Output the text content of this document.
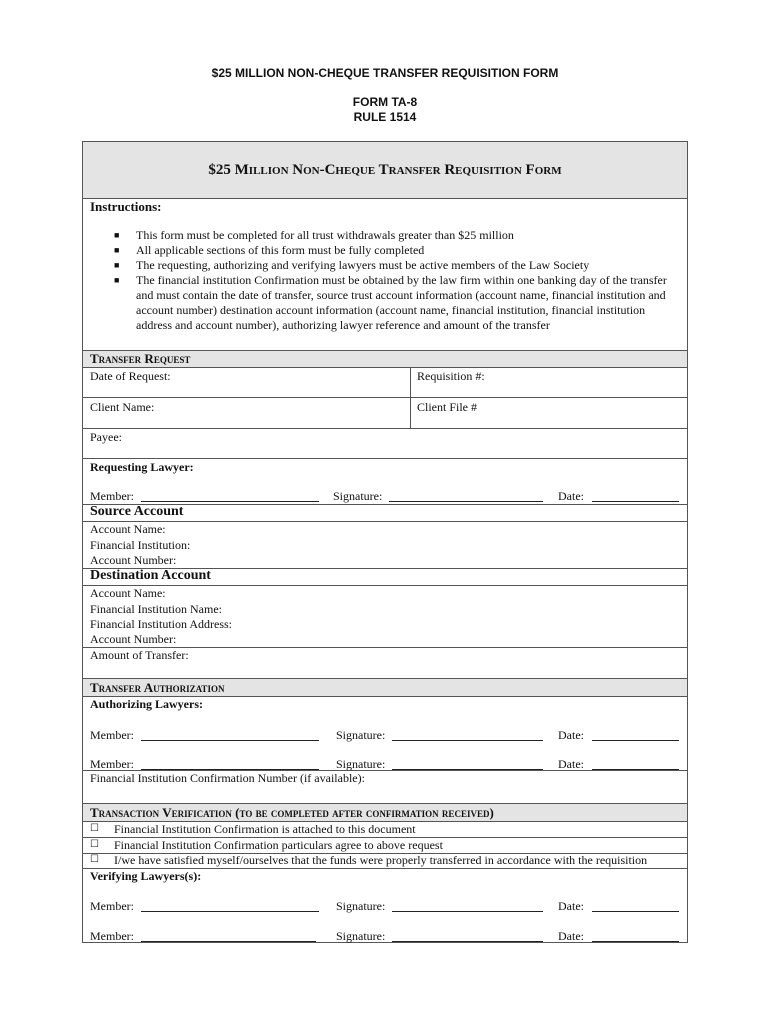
$25 MILLION NON-CHEQUE TRANSFER REQUISITION FORM
FORM TA-8
RULE 1514
$25 Million Non-Cheque Transfer Requisition Form
Instructions:
■ This form must be completed for all trust withdrawals greater than $25 million
■ All applicable sections of this form must be fully completed
■ The requesting, authorizing and verifying lawyers must be active members of the Law Society
■ The financial institution Confirmation must be obtained by the law firm within one banking day of the transfer and must contain the date of transfer, source trust account information (account name, financial institution and account number) destination account information (account name, financial institution, financial institution address and account number), authorizing lawyer reference and amount of the transfer
Transfer Request
Date of Request:	Requisition #:
Client Name:	Client File #
Payee:
Requesting Lawyer:
Member:	Signature:	Date:
Source Account
Account Name:
Financial Institution:
Account Number:
Destination Account
Account Name:
Financial Institution Name:
Financial Institution Address:
Account Number:
Amount of Transfer:
Transfer Authorization
Authorizing Lawyers:
Member:	Signature:	Date:
Member:	Signature:	Date:
Financial Institution Confirmation Number (if available):
Transaction Verification (to be completed after confirmation received)
☐ Financial Institution Confirmation is attached to this document
☐ Financial Institution Confirmation particulars agree to above request
☐ I/we have satisfied myself/ourselves that the funds were properly transferred in accordance with the requisition
Verifying Lawyers(s):
Member:	Signature:	Date:
Member:	Signature:	Date:
